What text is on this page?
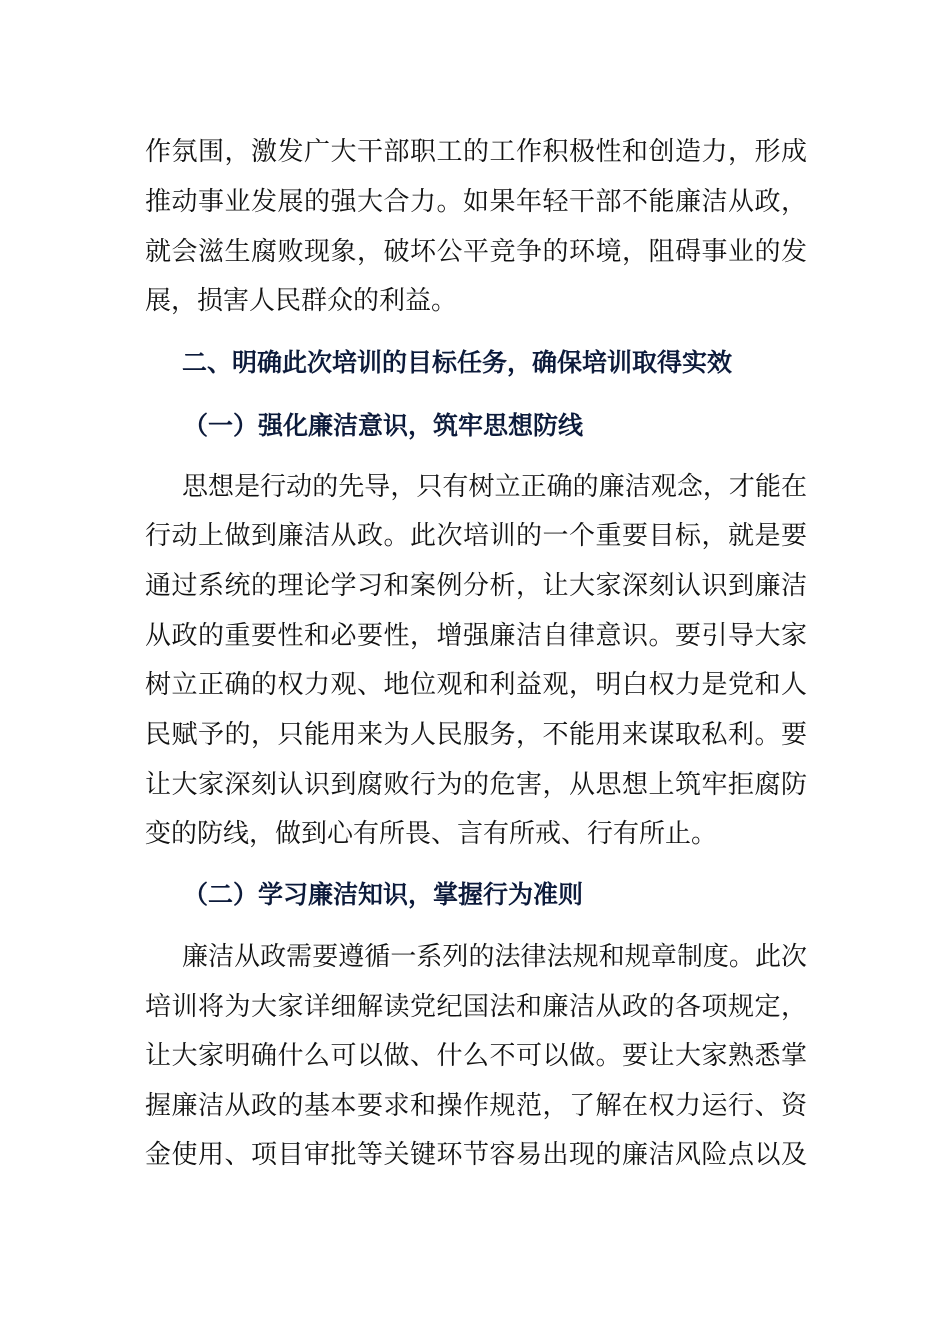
作氛围，激发广大干部职工的工作积极性和创造力，形成
推动事业发展的强大合力。如果年轻干部不能廉洁从政，
就会滋生腐败现象，破坏公平竞争的环境，阻碍事业的发
展，损害人民群众的利益。
二、明确此次培训的目标任务，确保培训取得实效
（一）强化廉洁意识，筑牢思想防线
思想是行动的先导，只有树立正确的廉洁观念，才能在
行动上做到廉洁从政。此次培训的一个重要目标，就是要
通过系统的理论学习和案例分析，让大家深刻认识到廉洁
从政的重要性和必要性，增强廉洁自律意识。要引导大家
树立正确的权力观、地位观和利益观，明白权力是党和人
民赋予的，只能用来为人民服务，不能用来谋取私利。要
让大家深刻认识到腐败行为的危害，从思想上筑牢拒腐防
变的防线，做到心有所畏、言有所戒、行有所止。
（二）学习廉洁知识，掌握行为准则
廉洁从政需要遵循一系列的法律法规和规章制度。此次
培训将为大家详细解读党纪国法和廉洁从政的各项规定，
让大家明确什么可以做、什么不可以做。要让大家熟悉掌
握廉洁从政的基本要求和操作规范，了解在权力运行、资
金使用、项目审批等关键环节容易出现的廉洁风险点以及
